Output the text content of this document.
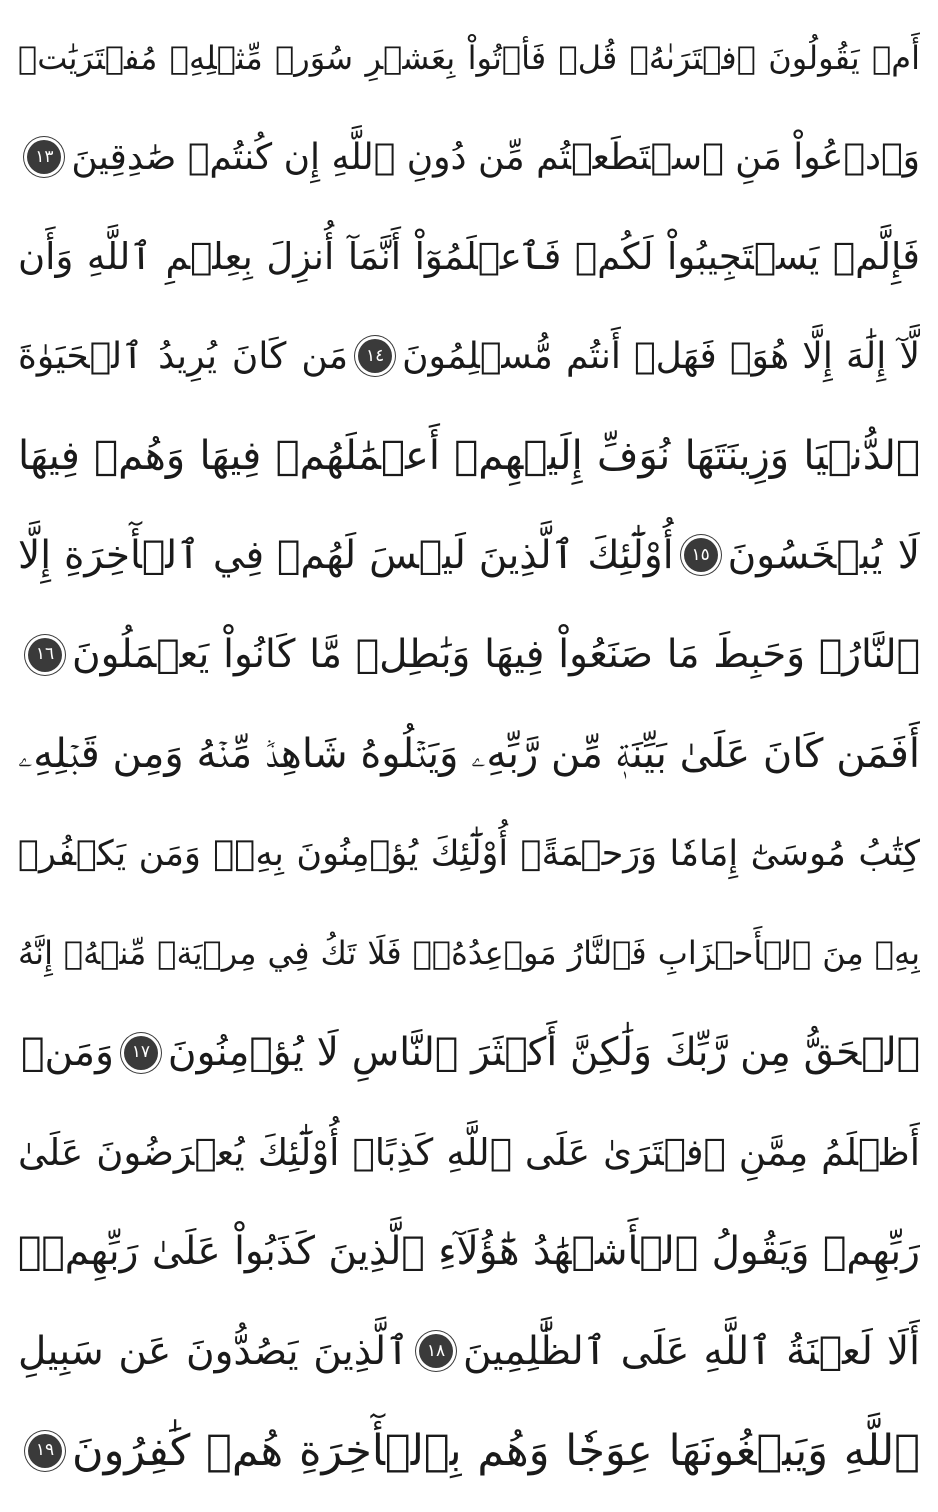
أَمۡ يَقُولُونَ ٱفۡتَرَىٰهُۖ قُلۡ فَأۡتُواْ بِعَشۡرِ سُوَرٖ مِّثۡلِهِۦ مُفۡتَرَيَٰتٖ
وَٱدۡعُواْ مَنِ ٱسۡتَطَعۡتُم مِّن دُونِ ٱللَّهِ إِن كُنتُمۡ صَٰدِقِينَ
١٣
فَإِلَّمۡ يَسۡتَجِيبُواْ لَكُمۡ فَٱعۡلَمُوٓاْ أَنَّمَآ أُنزِلَ بِعِلۡمِ ٱللَّهِ وَأَن
لَّآ إِلَٰهَ إِلَّا هُوَۖ فَهَلۡ أَنتُم مُّسۡلِمُونَ
١٤
مَن كَانَ يُرِيدُ ٱلۡحَيَوٰةَ
ٱلدُّنۡيَا وَزِينَتَهَا نُوَفِّ إِلَيۡهِمۡ أَعۡمَٰلَهُمۡ فِيهَا وَهُمۡ فِيهَا
لَا يُبۡخَسُونَ
١٥
أُوْلَٰٓئِكَ ٱلَّذِينَ لَيۡسَ لَهُمۡ فِي ٱلۡأٓخِرَةِ إِلَّا
ٱلنَّارُۖ وَحَبِطَ مَا صَنَعُواْ فِيهَا وَبَٰطِلٞ مَّا كَانُواْ يَعۡمَلُونَ
١٦
أَفَمَن كَانَ عَلَىٰ بَيِّنَةٖ مِّن رَّبِّهِۦ وَيَتۡلُوهُ شَاهِدٞ مِّنۡهُ وَمِن قَبۡلِهِۦ
كِتَٰبُ مُوسَىٰٓ إِمَامٗا وَرَحۡمَةًۚ أُوْلَٰٓئِكَ يُؤۡمِنُونَ بِهِۦۚ وَمَن يَكۡفُرۡ
بِهِۦ مِنَ ٱلۡأَحۡزَابِ فَٱلنَّارُ مَوۡعِدُهُۥۚ فَلَا تَكُ فِي مِرۡيَةٖ مِّنۡهُۚ إِنَّهُ
ٱلۡحَقُّ مِن رَّبِّكَ وَلَٰكِنَّ أَكۡثَرَ ٱلنَّاسِ لَا يُؤۡمِنُونَ
١٧
وَمَنۡ
أَظۡلَمُ مِمَّنِ ٱفۡتَرَىٰ عَلَى ٱللَّهِ كَذِبًاۚ أُوْلَٰٓئِكَ يُعۡرَضُونَ عَلَىٰ
رَبِّهِمۡ وَيَقُولُ ٱلۡأَشۡهَٰدُ هَٰٓؤُلَآءِ ٱلَّذِينَ كَذَبُواْ عَلَىٰ رَبِّهِمۡۚ
أَلَا لَعۡنَةُ ٱللَّهِ عَلَى ٱلظَّٰلِمِينَ
١٨
ٱلَّذِينَ يَصُدُّونَ عَن سَبِيلِ
ٱللَّهِ وَيَبۡغُونَهَا عِوَجٗا وَهُم بِٱلۡأٓخِرَةِ هُمۡ كَٰفِرُونَ
١٩
